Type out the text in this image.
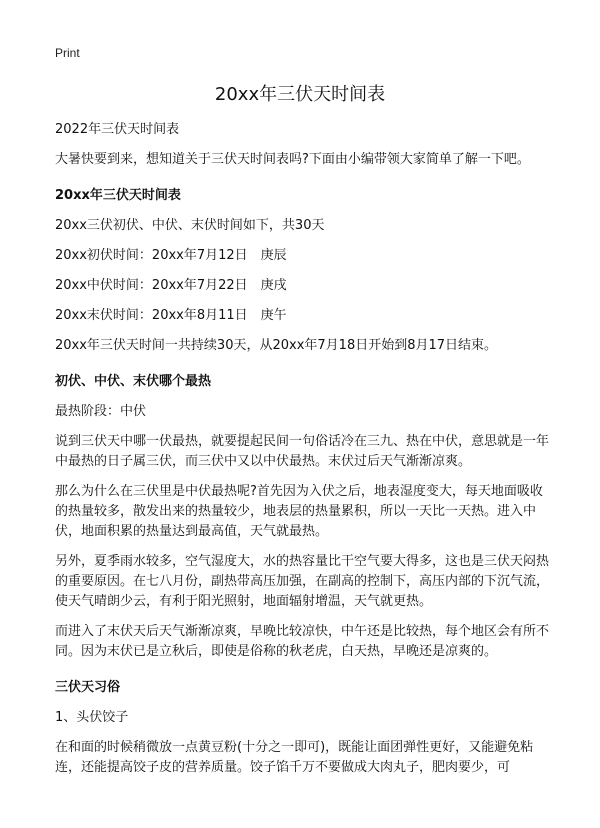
Print
20xx年三伏天时间表

2022年三伏天时间表

大暑快要到来，想知道关于三伏天时间表吗?下面由小编带领大家简单了解一下吧。

20xx年三伏天时间表

20xx三伏初伏、中伏、末伏时间如下，共30天

20xx初伏时间：20xx年7月12日　庚辰

20xx中伏时间：20xx年7月22日　庚戌

20xx末伏时间：20xx年8月11日　庚午

20xx年三伏天时间一共持续30天，从20xx年7月18日开始到8月17日结束。

初伏、中伏、末伏哪个最热

最热阶段：中伏

说到三伏天中哪一伏最热，就要提起民间一句俗话冷在三九、热在中伏，意思就是一年中最热的日子属三伏，而三伏中又以中伏最热。末伏过后天气渐渐凉爽。

那么为什么在三伏里是中伏最热呢?首先因为入伏之后，地表湿度变大，每天地面吸收的热量较多，散发出来的热量较少，地表层的热量累积，所以一天比一天热。进入中伏，地面积累的热量达到最高值，天气就最热。

另外，夏季雨水较多，空气湿度大，水的热容量比干空气要大得多，这也是三伏天闷热的重要原因。在七八月份，副热带高压加强，在副高的控制下，高压内部的下沉气流，使天气晴朗少云，有利于阳光照射，地面辐射增温，天气就更热。

而进入了末伏天后天气渐渐凉爽，早晚比较凉快，中午还是比较热，每个地区会有所不同。因为末伏已是立秋后，即使是俗称的秋老虎，白天热，早晚还是凉爽的。

三伏天习俗

1、头伏饺子

在和面的时候稍微放一点黄豆粉(十分之一即可)，既能让面团弹性更好，又能避免粘连，还能提高饺子皮的营养质量。饺子馅千万不要做成大肉丸子，肥肉要少，可
